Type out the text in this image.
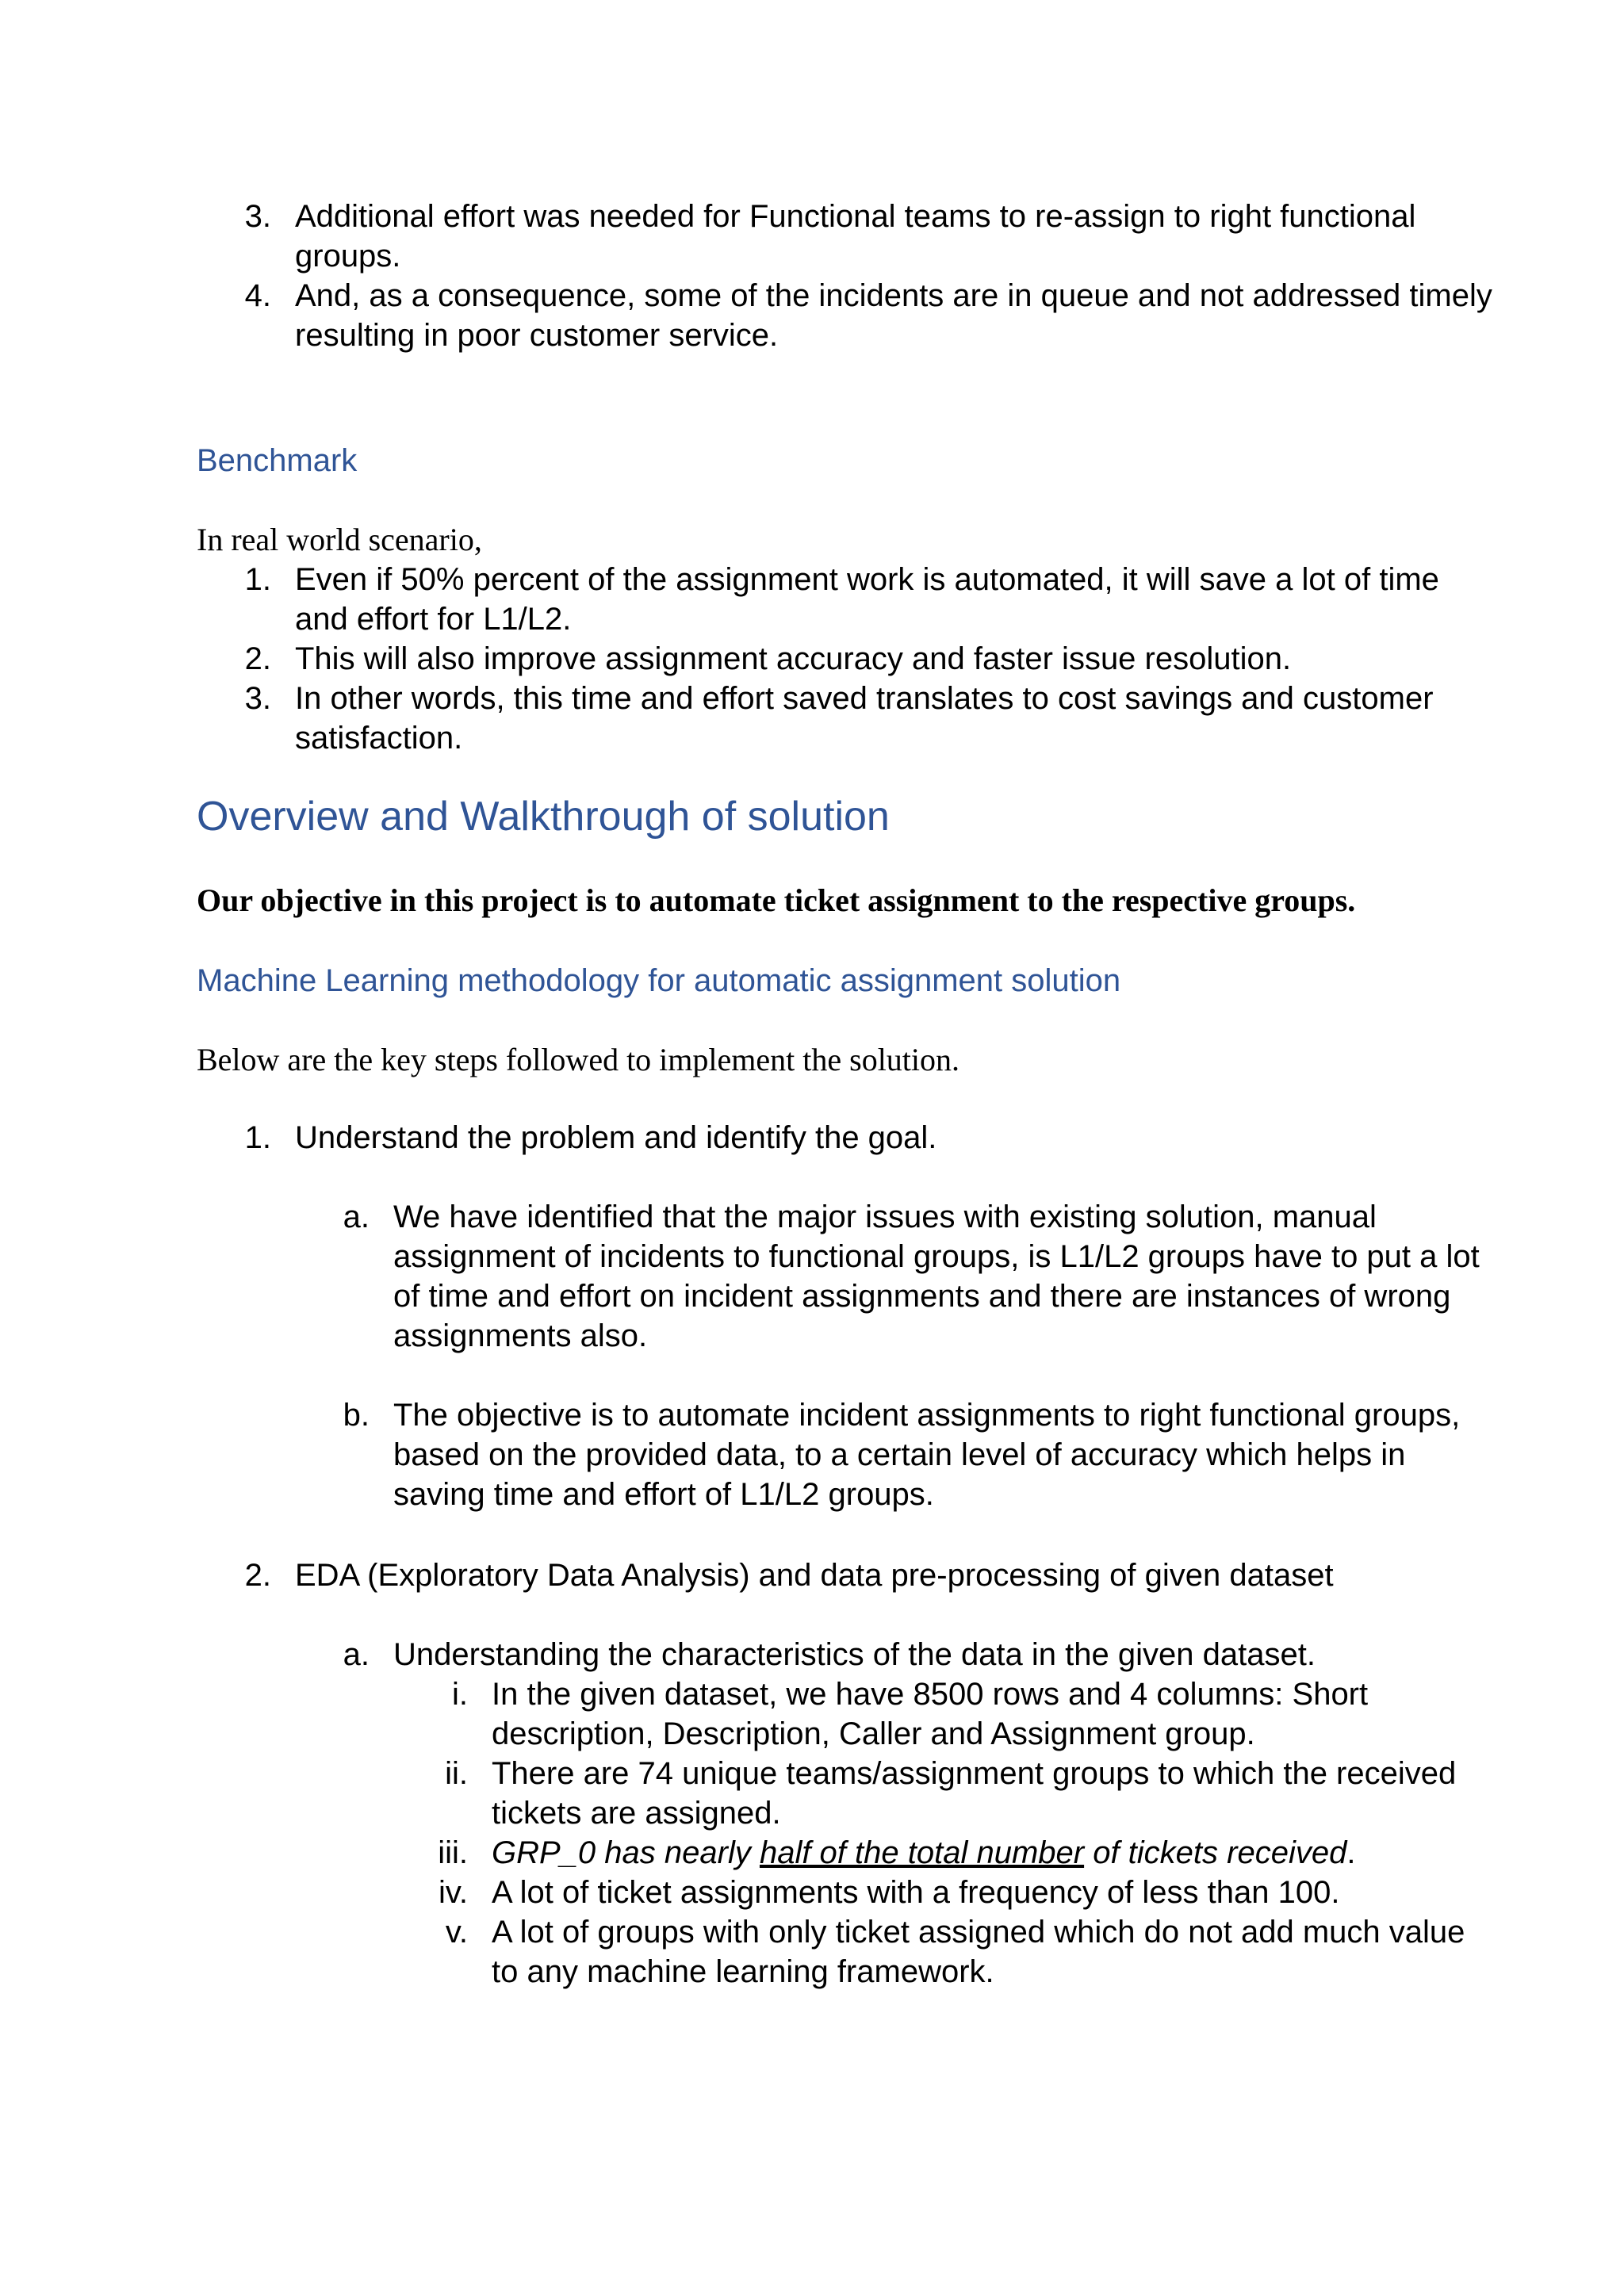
3. Additional effort was needed for Functional teams to re-assign to right functional
groups.
4. And, as a consequence, some of the incidents are in queue and not addressed timely
resulting in poor customer service.
Benchmark
In real world scenario,
1. Even if 50% percent of the assignment work is automated, it will save a lot of time
and effort for L1/L2.
2. This will also improve assignment accuracy and faster issue resolution.
3. In other words, this time and effort saved translates to cost savings and customer
satisfaction.
Overview and Walkthrough of solution
Our objective in this project is to automate ticket assignment to the respective groups.
Machine Learning methodology for automatic assignment solution
Below are the key steps followed to implement the solution.
1. Understand the problem and identify the goal.
a. We have identified that the major issues with existing solution, manual
assignment of incidents to functional groups, is L1/L2 groups have to put a lot
of time and effort on incident assignments and there are instances of wrong
assignments also.
b. The objective is to automate incident assignments to right functional groups,
based on the provided data, to a certain level of accuracy which helps in
saving time and effort of L1/L2 groups.
2. EDA (Exploratory Data Analysis) and data pre-processing of given dataset
a. Understanding the characteristics of the data in the given dataset.
i. In the given dataset, we have 8500 rows and 4 columns: Short
description, Description, Caller and Assignment group.
ii. There are 74 unique teams/assignment groups to which the received
tickets are assigned.
iii. GRP_0 has nearly half of the total number of tickets received.
iv. A lot of ticket assignments with a frequency of less than 100.
v. A lot of groups with only ticket assigned which do not add much value
to any machine learning framework.
